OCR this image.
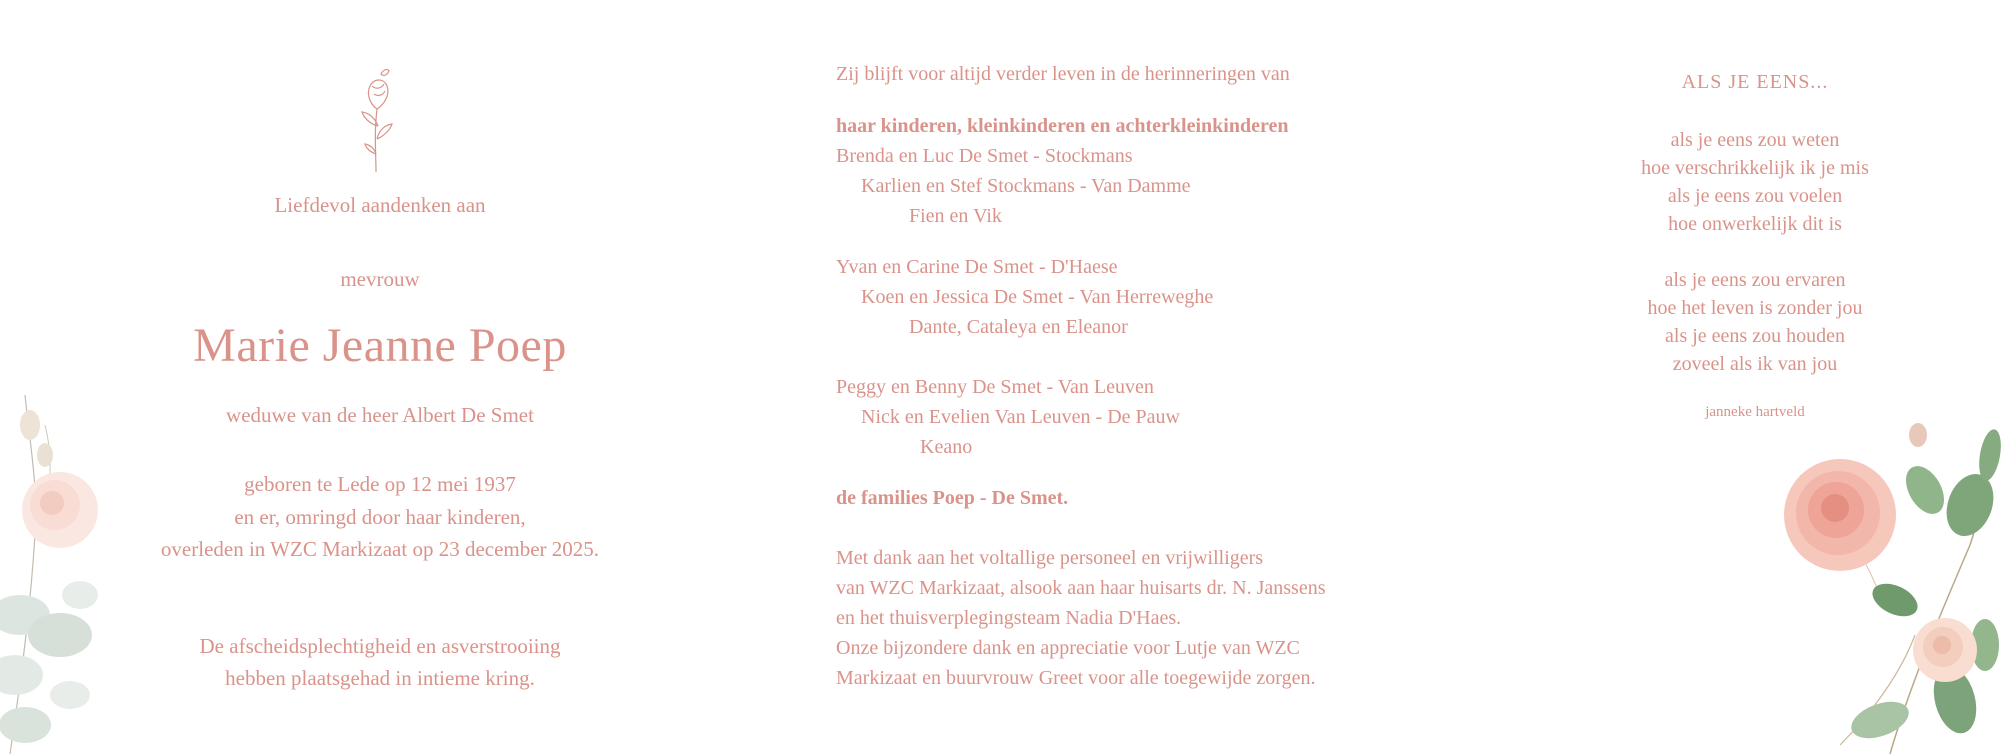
Liefdevol aandenken aan
mevrouw
Marie Jeanne Poep
weduwe van de heer Albert De Smet
geboren te Lede op 12 mei 1937
en er, omringd door haar kinderen,
overleden in WZC Markizaat op 23 december 2025.
De afscheidsplechtigheid en asverstrooiing
hebben plaatsgehad in intieme kring.
Zij blijft voor altijd verder leven in de herinneringen van
haar kinderen, kleinkinderen en achterkleinkinderen
Brenda en Luc De Smet - Stockmans
Karlien en Stef Stockmans - Van Damme
Fien en Vik
Yvan en Carine De Smet - D'Haese
Koen en Jessica De Smet - Van Herreweghe
Dante, Cataleya en Eleanor
Peggy en Benny De Smet - Van Leuven
Nick en Evelien Van Leuven - De Pauw
Keano
de families Poep - De Smet.
Met dank aan het voltallige personeel en vrijwilligers
van WZC Markizaat, alsook aan haar huisarts dr. N. Janssens
en het thuisverplegingsteam Nadia D'Haes.
Onze bijzondere dank en appreciatie voor Lutje van WZC
Markizaat en buurvrouw Greet voor alle toegewijde zorgen.
ALS JE EENS...
als je eens zou weten
hoe verschrikkelijk ik je mis
als je eens zou voelen
hoe onwerkelijk dit is
als je eens zou ervaren
hoe het leven is zonder jou
als je eens zou houden
zoveel als ik van jou
janneke hartveld
